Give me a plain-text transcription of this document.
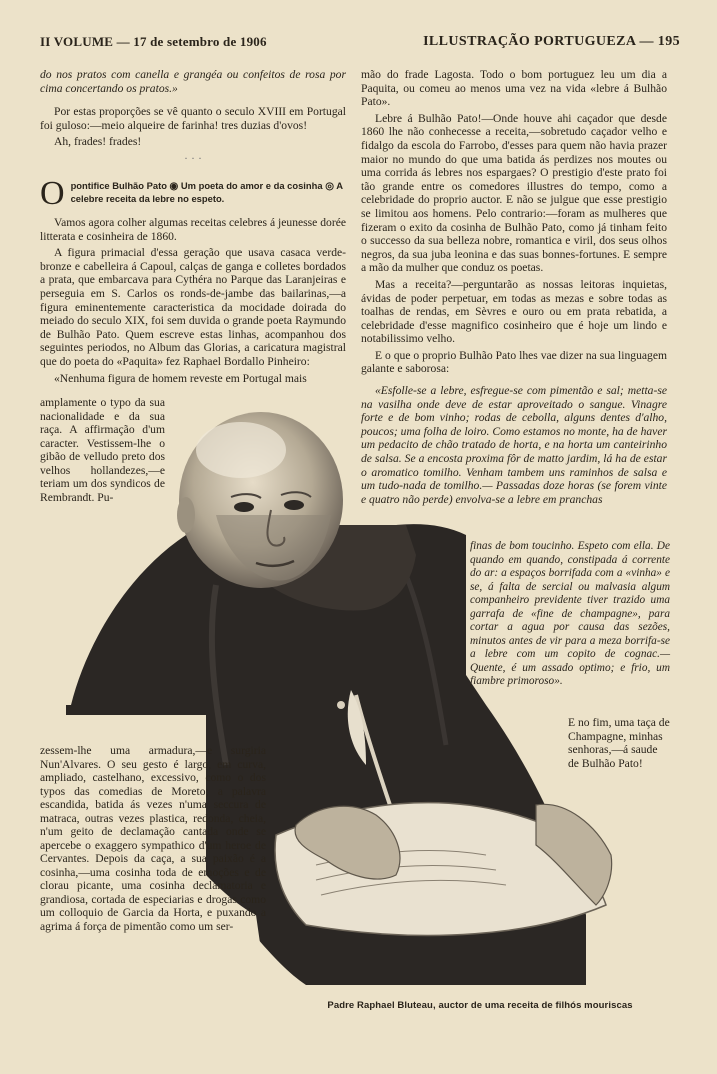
II VOLUME — 17 de setembro de 1906	ILLUSTRAÇÃO PORTUGUEZA — 195

do nos pratos com canella e grangéa ou confeitos de rosa por cima concertando os pratos.»

Por estas proporções se vê quanto o seculo XVIII em Portugal foi guloso:—meio alqueire de farinha! tres duzias d'ovos!

Ah, frades! frades!

· · ·
O pontifice Bulhão Pato ◉ Um poeta do amor e da cosinha ◎ A celebre receita da lebre no espeto.

Vamos agora colher algumas receitas celebres á jeunesse dorée litterata e cosinheira de 1860.

A figura primacial d'essa geração que usava casaca verde-bronze e cabelleira á Capoul, calças de ganga e colletes bordados a prata, que embarcava para Cythéra no Parque das Laranjeiras e perseguia em S. Carlos os ronds-de-jambe das bailarinas,—a figura eminentemente caracteristica da mocidade doirada do meiado do seculo XIX, foi sem duvida o grande poeta Raymundo de Bulhão Pato. Quem escreve estas linhas, acompanhou dos seguintes periodos, no Album das Glorias, a caricatura magistral que do poeta do «Paquita» fez Raphael Bordallo Pinheiro:

«Nenhuma figura de homem reveste em Portugal mais

amplamente o typo da sua nacionalidade e da sua raça. A affirmação d'um caracter. Vestissem-lhe o gibão de velludo preto dos velhos hollandezes,—e teriam um dos syndicos de Rembrandt. Pu-
zessem-lhe uma armadura,—e surgiria Nun'Alvares. O seu gesto é largo, em curva, ampliado, castelhano, excessivo, como o dos typos das comedias de Moreto; a palavra escandida, batida ás vezes n'uma seccura de matraca, outras vezes plastica, redonda, cheia, n'um geito de declamação cantada onde se apercebe o exaggero sympathico d'um heroe de Cervantes. Depois da caça, a sua paixão é a cosinha,—uma cosinha toda de emoções e de clorau picante, uma cosinha declamatoria e grandiosa, cortada de especiarias e drogas como um colloquio de Garcia da Horta, e puxando a agrima á força de pimentão como um ser-

mão do frade Lagosta. Todo o bom portuguez leu um dia a Paquita, ou comeu ao menos uma vez na vida «lebre á Bulhão Pato».

Lebre á Bulhão Pato!—Onde houve ahi caçador que desde 1860 lhe não conhecesse a receita,—sobretudo caçador velho e fidalgo da escola do Farrobo, d'esses para quem não havia prazer maior no mundo do que uma batida ás perdizes nos moutes ou uma corrida ás lebres nos espargaes? O prestigio d'este prato foi tão grande entre os comedores illustres do tempo, como a celebridade do proprio auctor. E não se julgue que esse prestigio se limitou aos homens. Pelo contrario:—foram as mulheres que fizeram o exito da cosinha de Bulhão Pato, como já tinham feito o successo da sua belleza nobre, romantica e viril, dos seus olhos negros, da sua juba leonina e das suas bonnes-fortunes. E sempre a mão da mulher que conduz os poetas.

Mas a receita?—perguntarão as nossas leitoras inquietas, ávidas de poder perpetuar, em todas as mezas e sobre todas as toalhas de rendas, em Sèvres e ouro ou em prata rebatida, a celebridade d'esse magnifico cosinheiro que é hoje um lindo e notabilissimo velho.

E o que o proprio Bulhão Pato lhes vae dizer na sua linguagem galante e saborosa:

«Esfolle-se a lebre, esfregue-se com pimentão e sal; metta-se na vasilha onde deve de estar aproveitado o sangue. Vinagre forte e de bom vinho; rodas de cebolla, alguns dentes d'alho, poucos; uma folha de loiro. Como estamos no monte, ha de haver um pedacito de chão tratado de horta, e na horta um canteirinho de salsa. Se a encosta proxima fôr de matto jardim, lá ha de estar o aromatico tomilho. Venham tambem uns raminhos de salsa e um tudo-nada de tomilho.— Passadas doze horas (se forem vinte e quatro não perde) envolva-se a lebre em pranchas

finas de bom toucinho. Espeto com ella. De quando em quando, constipada á corrente do ar: a espaços borrifada com a «vinha» e se, á falta de sercial ou malvasia algum companheiro previdente tiver trazido uma garrafa de «fine de champagne», para cortar a agua por causa das sezões, minutos antes de vir para a meza borrifa-se a lebre com um copito de cognac.— Quente, é um assado optimo; e frio, um fiambre primoroso».
E no fim, uma taça de Champagne, minhas senhoras,—á saude de Bulhão Pato!
Padre Raphael Bluteau, auctor de uma receita de filhós mouriscas
